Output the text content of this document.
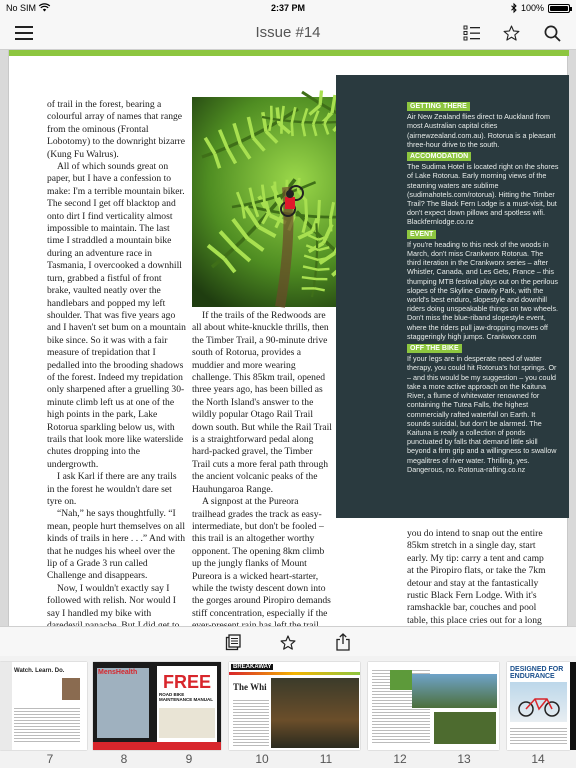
No SIM	2:37 PM	100%
Issue #14

of trail in the forest, bearing a colourful array of names that range from the ominous (Frontal Lobotomy) to the downright bizarre (Kung Fu Walrus).

All of which sounds great on paper, but I have a confession to make: I'm a terrible mountain biker. The second I get off blacktop and onto dirt I find verticality almost impossible to maintain. The last time I straddled a mountain bike during an adventure race in Tasmania, I overcooked a downhill turn, grabbed a fistful of front brake, vaulted neatly over the handlebars and popped my left shoulder. That was five years ago and I haven't set bum on a mountain bike since. So it was with a fair measure of trepidation that I pedalled into the brooding shadows of the forest. Indeed my trepidation only sharpened after a gruelling 30-minute climb left us at one of the high points in the park, Lake Rotorua sparkling below us, with trails that look more like waterslide chutes dropping into the undergrowth.

I ask Karl if there are any trails in the forest he wouldn't dare set tyre on.

“Nah,” he says thoughtfully. “I mean, people hurt themselves on all kinds of trails in here . . .” And with that he nudges his wheel over the lip of a Grade 3 run called Challenge and disappears.

Now, I wouldn't exactly say I followed with relish. Nor would I say I handled my bike with

If the trails of the Redwoods are all about white-knuckle thrills, then the Timber Trail, a 90-minute drive south of Rotorua, provides a muddier and more wearing challenge. This 85km trail, opened three years ago, has been billed as the North Island's answer to the wildly popular Otago Rail Trail down south. But while the Rail Trail is a straightforward pedal along hard-packed gravel, the Timber Trail cuts a more feral path through the ancient volcanic peaks of the Hauhungaroa Range.

A signpost at the Pureora trailhead grades the track as easy-intermediate, but don't be fooled – this trail is an altogether worthy opponent. The opening 8km climb up the jungly flanks of Mount Pureora is a wicked heart-starter, while the twisty descent down into the gorges around Piropiro demands stiff concentration, especially if the

GETTING THERE
Air New Zealand flies direct to Auckland from most Australian capital cities (airnewzealand.com.au). Rotorua is a pleasant three-hour drive to the south.
ACCOMODATION
The Sudima Hotel is located right on the shores of Lake Rotorua. Early morning views of the steaming waters are sublime (sudimahotels.com/rotorua). Hitting the Timber Trail? The Black Fern Lodge is a must-visit, but don't expect down pillows and spotless wifi. Blackfernlodge.co.nz
EVENT
If you're heading to this neck of the woods in March, don't miss Crankworx Rotorua. The third iteration in the Crankworx series – after Whistler, Canada, and Les Gets, France – this thumping MTB festival plays out on the perilous slopes of the Skyline Gravity Park, with the world's best enduro, slopestyle and downhill riders doing unspeakable things on two wheels. Don't miss the blue-riband slopestyle event, where the riders pull jaw-dropping moves off staggeringly high jumps. Crankworx.com
OFF THE BIKE
If your legs are in desperate need of water therapy, you could hit Rotorua's hot springs. Or – and this would be my suggestion – you could take a more active approach on the Kaituna River, a flume of whitewater renowned for containing the Tutea Falls, the highest commercially rafted waterfall on Earth. It sounds suicidal, but don't be alarmed. The Kaituna is really a collection of ponds punctuated by falls that demand little skill beyond a firm grip and a willingness to swallow megalitres of river water. Thrilling, yes. Dangerous, no. Rotorua-rafting.co.nz

you do intend to snap out the entire 85km stretch in a single day, start early. My tip: carry a tent and camp at the Piropiro flats, or take the 7km detour and stay at the fantastically rustic Black Fern Lodge. With it's ramshackle bar, couches and pool table, this place cries out for a long

Watch. Learn. Do.	MensHealth FREE
ROAD BIKE MAINTENANCE MANUAL
BREAKAWAY
The Whi
DESIGNED FOR ENDURANCE
7	8	9	10	11	12	13	14
